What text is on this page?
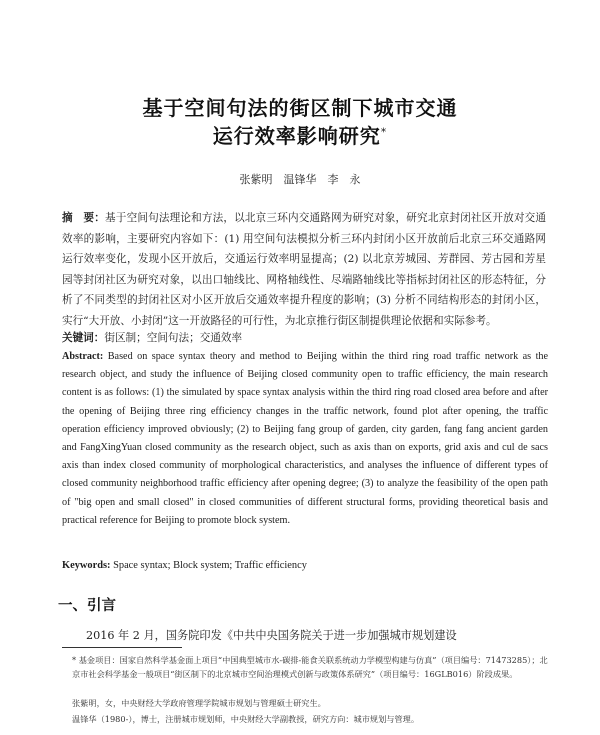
基于空间句法的街区制下城市交通
运行效率影响研究*
张紫明　温锋华　李　永
摘　要：基于空间句法理论和方法，以北京三环内交通路网为研究对象，研究北京封闭社区开放对交通效率的影响，主要研究内容如下：(1) 用空间句法模拟分析三环内封闭小区开放前后北京三环交通路网运行效率变化，发现小区开放后，交通运行效率明显提高；(2) 以北京芳城园、芳群园、芳古园和芳星园等封闭社区为研究对象，以出口轴线比、网格轴线性、尽端路轴线比等指标封闭社区的形态特征，分析了不同类型的封闭社区对小区开放后交通效率提升程度的影响；(3) 分析不同结构形态的封闭小区，实行“大开放、小封闭”这一开放路径的可行性，为北京推行街区制提供理论依据和实际参考。
关键词：街区制；空间句法；交通效率
Abstract: Based on space syntax theory and method to Beijing within the third ring road traffic network as the research object, and study the influence of Beijing closed community open to traffic efficiency, the main research content is as follows: (1) the simulated by space syntax analysis within the third ring road closed area before and after the opening of Beijing three ring efficiency changes in the traffic network, found plot after opening, the traffic operation efficiency improved obviously; (2) to Beijing fang group of garden, city garden, fang fang ancient garden and FangXingYuan closed community as the research object, such as axis than on exports, grid axis and cul de sacs axis than index closed community of morphological characteristics, and analyses the influence of different types of closed community neighborhood traffic efficiency after opening degree; (3) to analyze the feasibility of the open path of "big open and small closed" in closed communities of different structural forms, providing theoretical basis and practical reference for Beijing to promote block system.
Keywords: Space syntax; Block system; Traffic efficiency
一、引言
2016 年 2 月，国务院印发《中共中央国务院关于进一步加强城市规划建设
* 基金项目：国家自然科学基金面上项目“中国典型城市水-碳排-能食关联系统动力学模型构建与仿真”（项目编号：71473285）；北京市社会科学基金一般项目“街区制下的北京城市空间治理模式创新与政策体系研究”（项目编号：16GLB016）阶段成果。
张紫明，女，中央财经大学政府管理学院城市规划与管理硕士研究生。
温锋华（1980-），博士，注册城市规划师，中央财经大学副教授，研究方向：城市规划与管理。
